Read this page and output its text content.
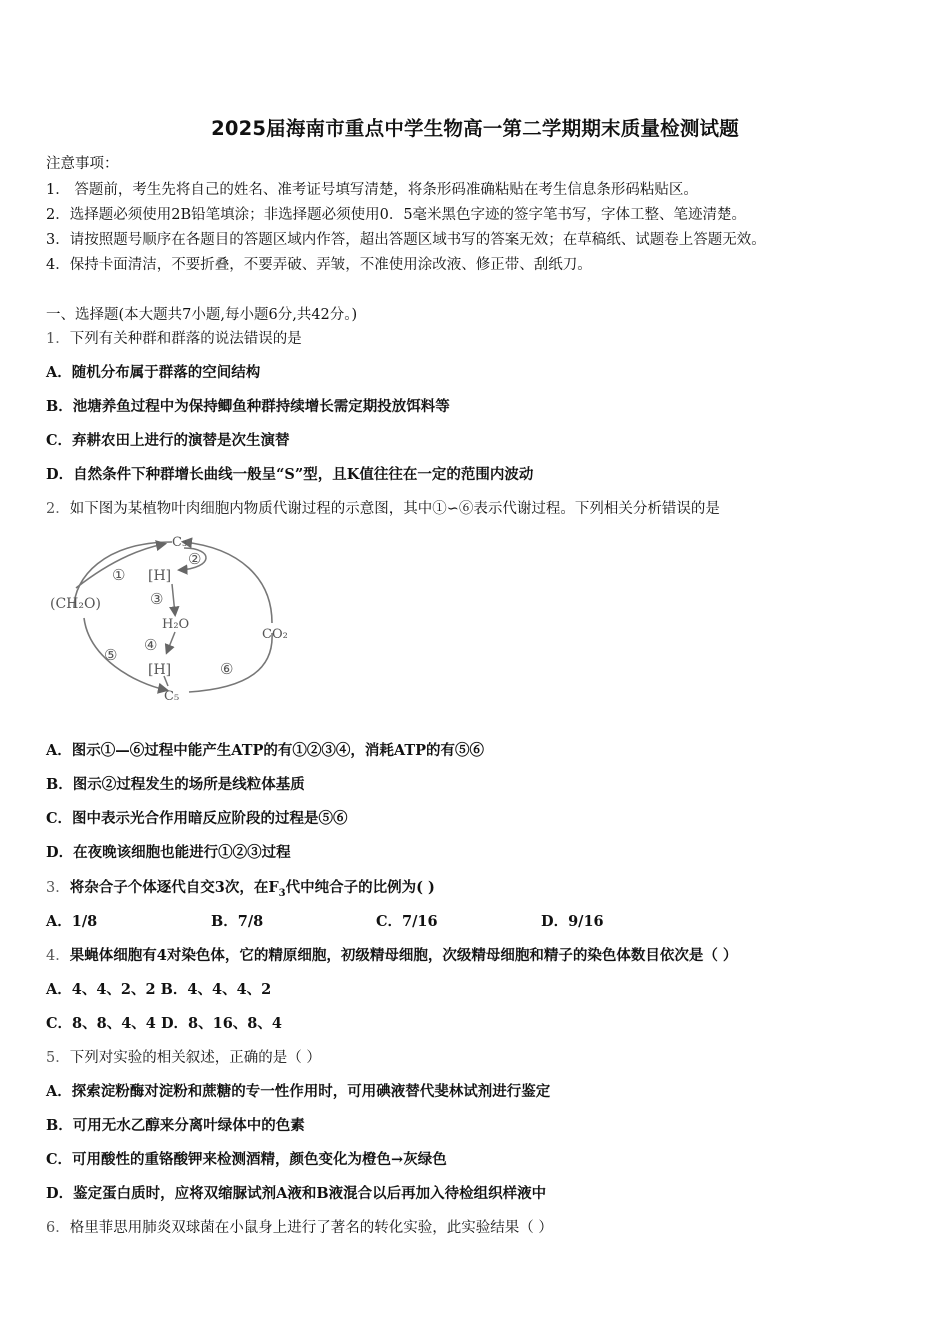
2025届海南市重点中学生物高一第二学期期末质量检测试题
注意事项：
1． 答题前，考生先将自己的姓名、准考证号填写清楚，将条形码准确粘贴在考生信息条形码粘贴区。
2．选择题必须使用2B铅笔填涂；非选择题必须使用0．5毫米黑色字迹的签字笔书写，字体工整、笔迹清楚。
3．请按照题号顺序在各题目的答题区域内作答，超出答题区域书写的答案无效；在草稿纸、试题卷上答题无效。
4．保持卡面清洁，不要折叠，不要弄破、弄皱，不准使用涂改液、修正带、刮纸刀。
一、选择题(本大题共7小题,每小题6分,共42分。)
1．下列有关种群和群落的说法错误的是
A．随机分布属于群落的空间结构
B．池塘养鱼过程中为保持鲫鱼种群持续增长需定期投放饵料等
C．弃耕农田上进行的演替是次生演替
D．自然条件下种群增长曲线一般呈“S”型，且K值往往在一定的范围内波动
2．如下图为某植物叶肉细胞内物质代谢过程的示意图，其中①∽⑥表示代谢过程。下列相关分析错误的是
C₃
②
① [H]
(CH₂O)	③
H₂O
CO₂
④
⑤
[H]	⑥
C₅
A．图示①—⑥过程中能产生ATP的有①②③④，消耗ATP的有⑤⑥
B．图示②过程发生的场所是线粒体基质
C．图中表示光合作用暗反应阶段的过程是⑤⑥
D．在夜晚该细胞也能进行①②③过程
3．将杂合子个体逐代自交3次，在$F_3$代中纯合子的比例为( )
A．1/8	B．7/8	C．7/16	D．9/16
4．果蝇体细胞有4对染色体，它的精原细胞，初级精母细胞，次级精母细胞和精子的染色体数目依次是（ ）
A．4、4、2、2 B．4、4、4、2
C．8、8、4、4 D．8、16、8、4
5．下列对实验的相关叙述，正确的是（ ）
A．探索淀粉酶对淀粉和蔗糖的专一性作用时，可用碘液替代斐林试剂进行鉴定
B．可用无水乙醇来分离叶绿体中的色素
C．可用酸性的重铬酸钾来检测酒精，颜色变化为橙色→灰绿色
D．鉴定蛋白质时，应将双缩脲试剂A液和B液混合以后再加入待检组织样液中
6．格里菲思用肺炎双球菌在小鼠身上进行了著名的转化实验，此实验结果（ ）
